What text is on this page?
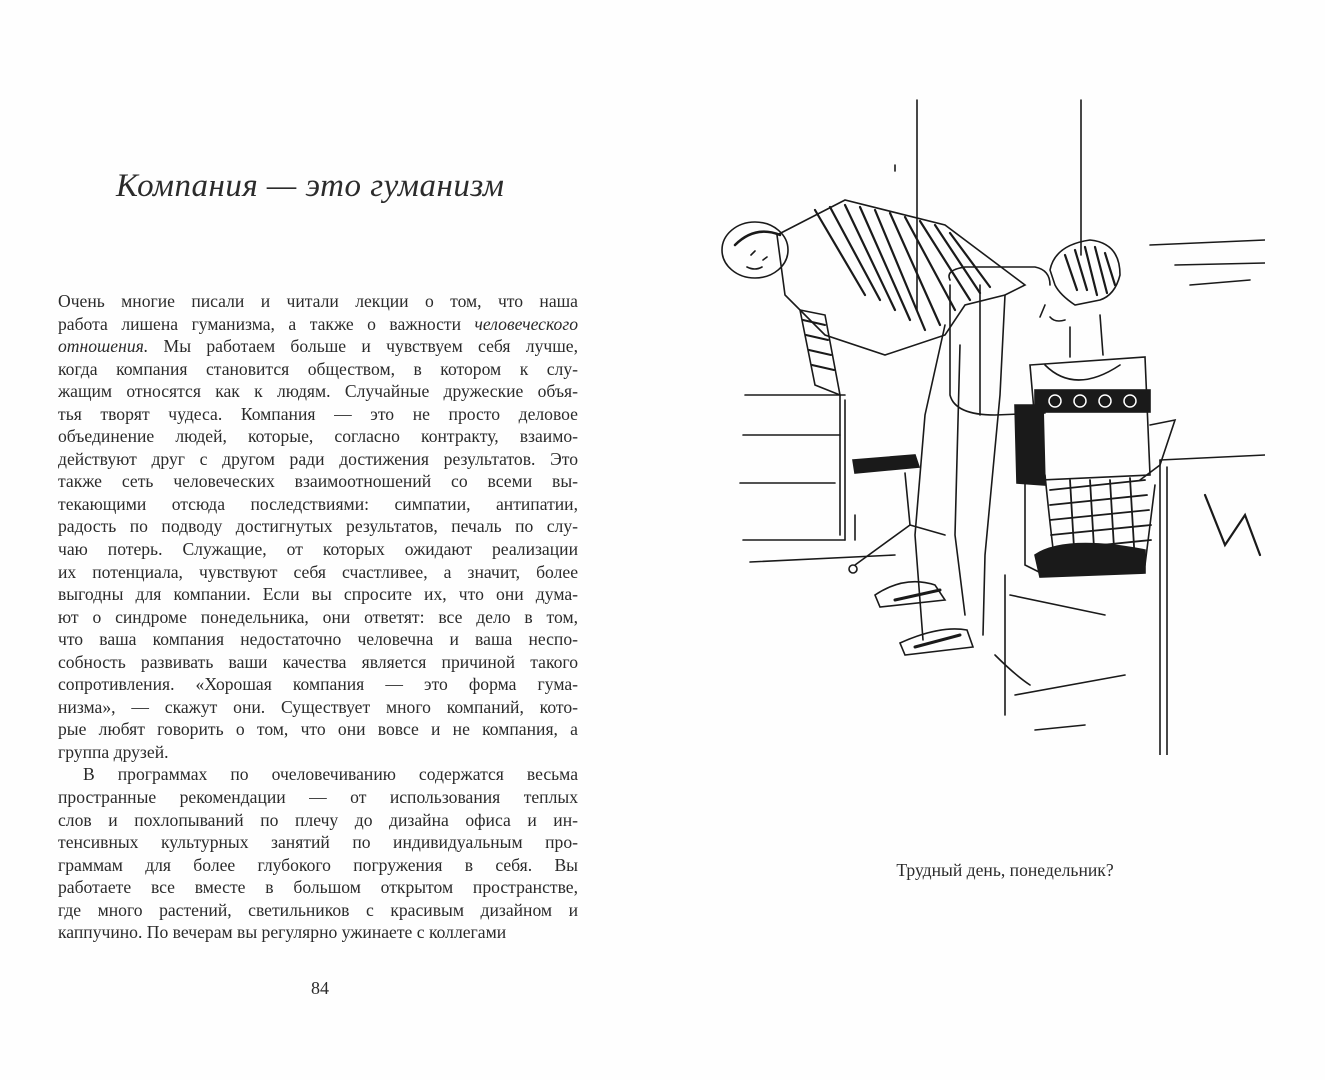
Компания — это гуманизм
Очень многие писали и читали лекции о том, что наша
работа лишена гуманизма, а также о важности человеческого
отношения. Мы работаем больше и чувствуем себя лучше,
когда компания становится обществом, в котором к слу-
жащим относятся как к людям. Случайные дружеские объя-
тья творят чудеса. Компания — это не просто деловое
объединение людей, которые, согласно контракту, взаимо-
действуют друг с другом ради достижения результатов. Это
также сеть человеческих взаимоотношений со всеми вы-
текающими отсюда последствиями: симпатии, антипатии,
радость по подводу достигнутых результатов, печаль по слу-
чаю потерь. Служащие, от которых ожидают реализации
их потенциала, чувствуют себя счастливее, а значит, более
выгодны для компании. Если вы спросите их, что они дума-
ют о синдроме понедельника, они ответят: все дело в том,
что ваша компания недостаточно человечна и ваша неспо-
собность развивать ваши качества является причиной такого
сопротивления. «Хорошая компания — это форма гума-
низма», — скажут они. Существует много компаний, кото-
рые любят говорить о том, что они вовсе и не компания, а
группа друзей.
В программах по очеловечиванию содержатся весьма
пространные рекомендации — от использования теплых
слов и похлопываний по плечу до дизайна офиса и ин-
тенсивных культурных занятий по индивидуальным про-
граммам для более глубокого погружения в себя. Вы
работаете все вместе в большом открытом пространстве,
где много растений, светильников с красивым дизайном и
каппучино. По вечерам вы регулярно ужинаете с коллегами
84
Трудный день, понедельник?
